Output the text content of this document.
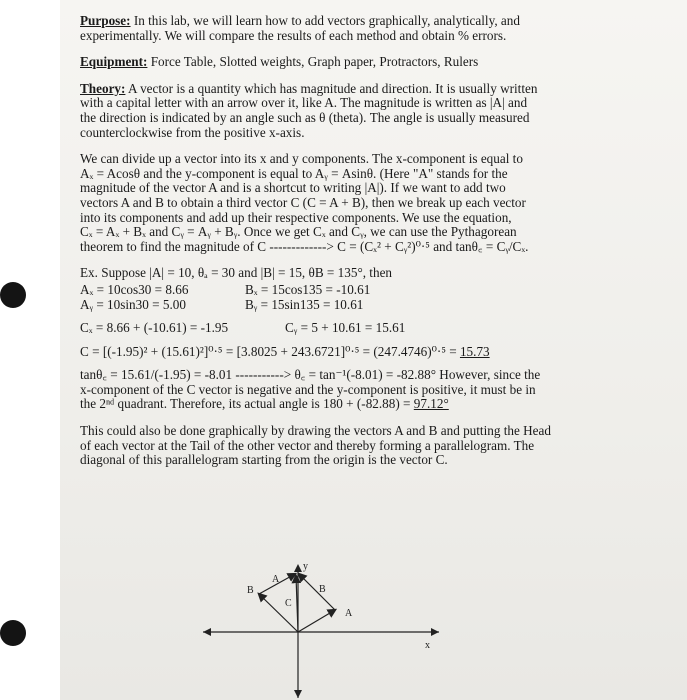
Purpose: In this lab, we will learn how to add vectors graphically, analytically, and
experimentally. We will compare the results of each method and obtain % errors.

Equipment: Force Table, Slotted weights, Graph paper, Protractors, Rulers

Theory: A vector is a quantity which has magnitude and direction. It is usually written
with a capital letter with an arrow over it, like A. The magnitude is written as |A| and
the direction is indicated by an angle such as θ (theta). The angle is usually measured
counterclockwise from the positive x-axis.

We can divide up a vector into its x and y components. The x-component is equal to
Aₓ = Acosθ and the y-component is equal to Aᵧ = Asinθ. (Here "A" stands for the
magnitude of the vector A and is a shortcut to writing |A|). If we want to add two
vectors A and B to obtain a third vector C (C = A + B), then we break up each vector
into its components and add up their respective components. We use the equation,
Cₓ = Aₓ + Bₓ and Cᵧ = Aᵧ + Bᵧ. Once we get Cₓ and Cᵧ, we can use the Pythagorean
theorem to find the magnitude of C -------------> C = (Cₓ² + Cᵧ²)⁰·⁵ and tanθ꜀ = Cᵧ/Cₓ.

Ex. Suppose |A| = 10, θₐ = 30 and |B| = 15, θB = 135°, then
Aₓ = 10cos30 = 8.66	Bₓ = 15cos135 = -10.61
Aᵧ = 10sin30 = 5.00	Bᵧ = 15sin135 = 10.61
Cₓ = 8.66 + (-10.61) = -1.95	Cᵧ = 5 + 10.61 = 15.61
C = [(-1.95)² + (15.61)²]⁰·⁵ = [3.8025 + 243.6721]⁰·⁵ = (247.4746)⁰·⁵ = 15.73
tanθ꜀ = 15.61/(-1.95) = -8.01 -----------> θ꜀ = tan⁻¹(-8.01) = -82.88° However, since the
x-component of the C vector is negative and the y-component is positive, it must be in
the 2ⁿᵈ quadrant. Therefore, its actual angle is 180 + (-82.88) = 97.12°

This could also be done graphically by drawing the vectors A and B and putting the Head
of each vector at the Tail of the other vector and thereby forming a parallelogram. The
diagonal of this parallelogram starting from the origin is the vector C.

y
x
A
B
C
B
A
